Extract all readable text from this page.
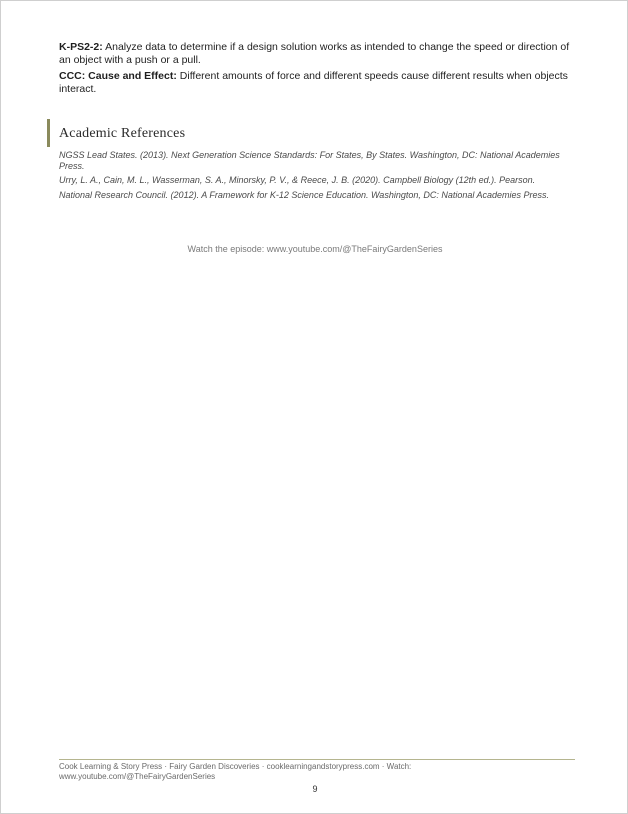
K-PS2-2: Analyze data to determine if a design solution works as intended to change the speed or direction of an object with a push or a pull.

CCC: Cause and Effect: Different amounts of force and different speeds cause different results when objects interact.

Academic References

NGSS Lead States. (2013). Next Generation Science Standards: For States, By States. Washington, DC: National Academies Press.

Urry, L. A., Cain, M. L., Wasserman, S. A., Minorsky, P. V., & Reece, J. B. (2020). Campbell Biology (12th ed.). Pearson.

National Research Council. (2012). A Framework for K-12 Science Education. Washington, DC: National Academies Press.

Watch the episode: www.youtube.com/@TheFairyGardenSeries
Cook Learning & Story Press · Fairy Garden Discoveries · cooklearningandstorypress.com · Watch: www.youtube.com/@TheFairyGardenSeries
9
